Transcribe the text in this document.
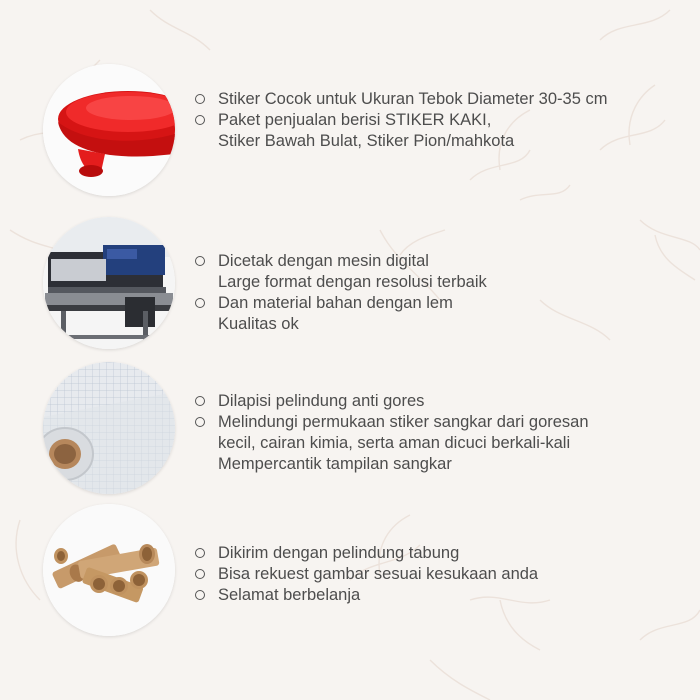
Stiker Cocok untuk Ukuran Tebok Diameter 30-35 cm
Paket penjualan berisi STIKER KAKI,
Stiker Bawah Bulat, Stiker Pion/mahkota
Dicetak dengan mesin digital
Large format dengan resolusi terbaik
Dan material bahan dengan lem
Kualitas ok
Dilapisi pelindung anti gores
Melindungi permukaan stiker sangkar dari goresan
kecil, cairan kimia, serta aman dicuci berkali-kali
Mempercantik tampilan sangkar
Dikirim dengan pelindung tabung
Bisa rekuest gambar sesuai kesukaan anda
Selamat berbelanja
